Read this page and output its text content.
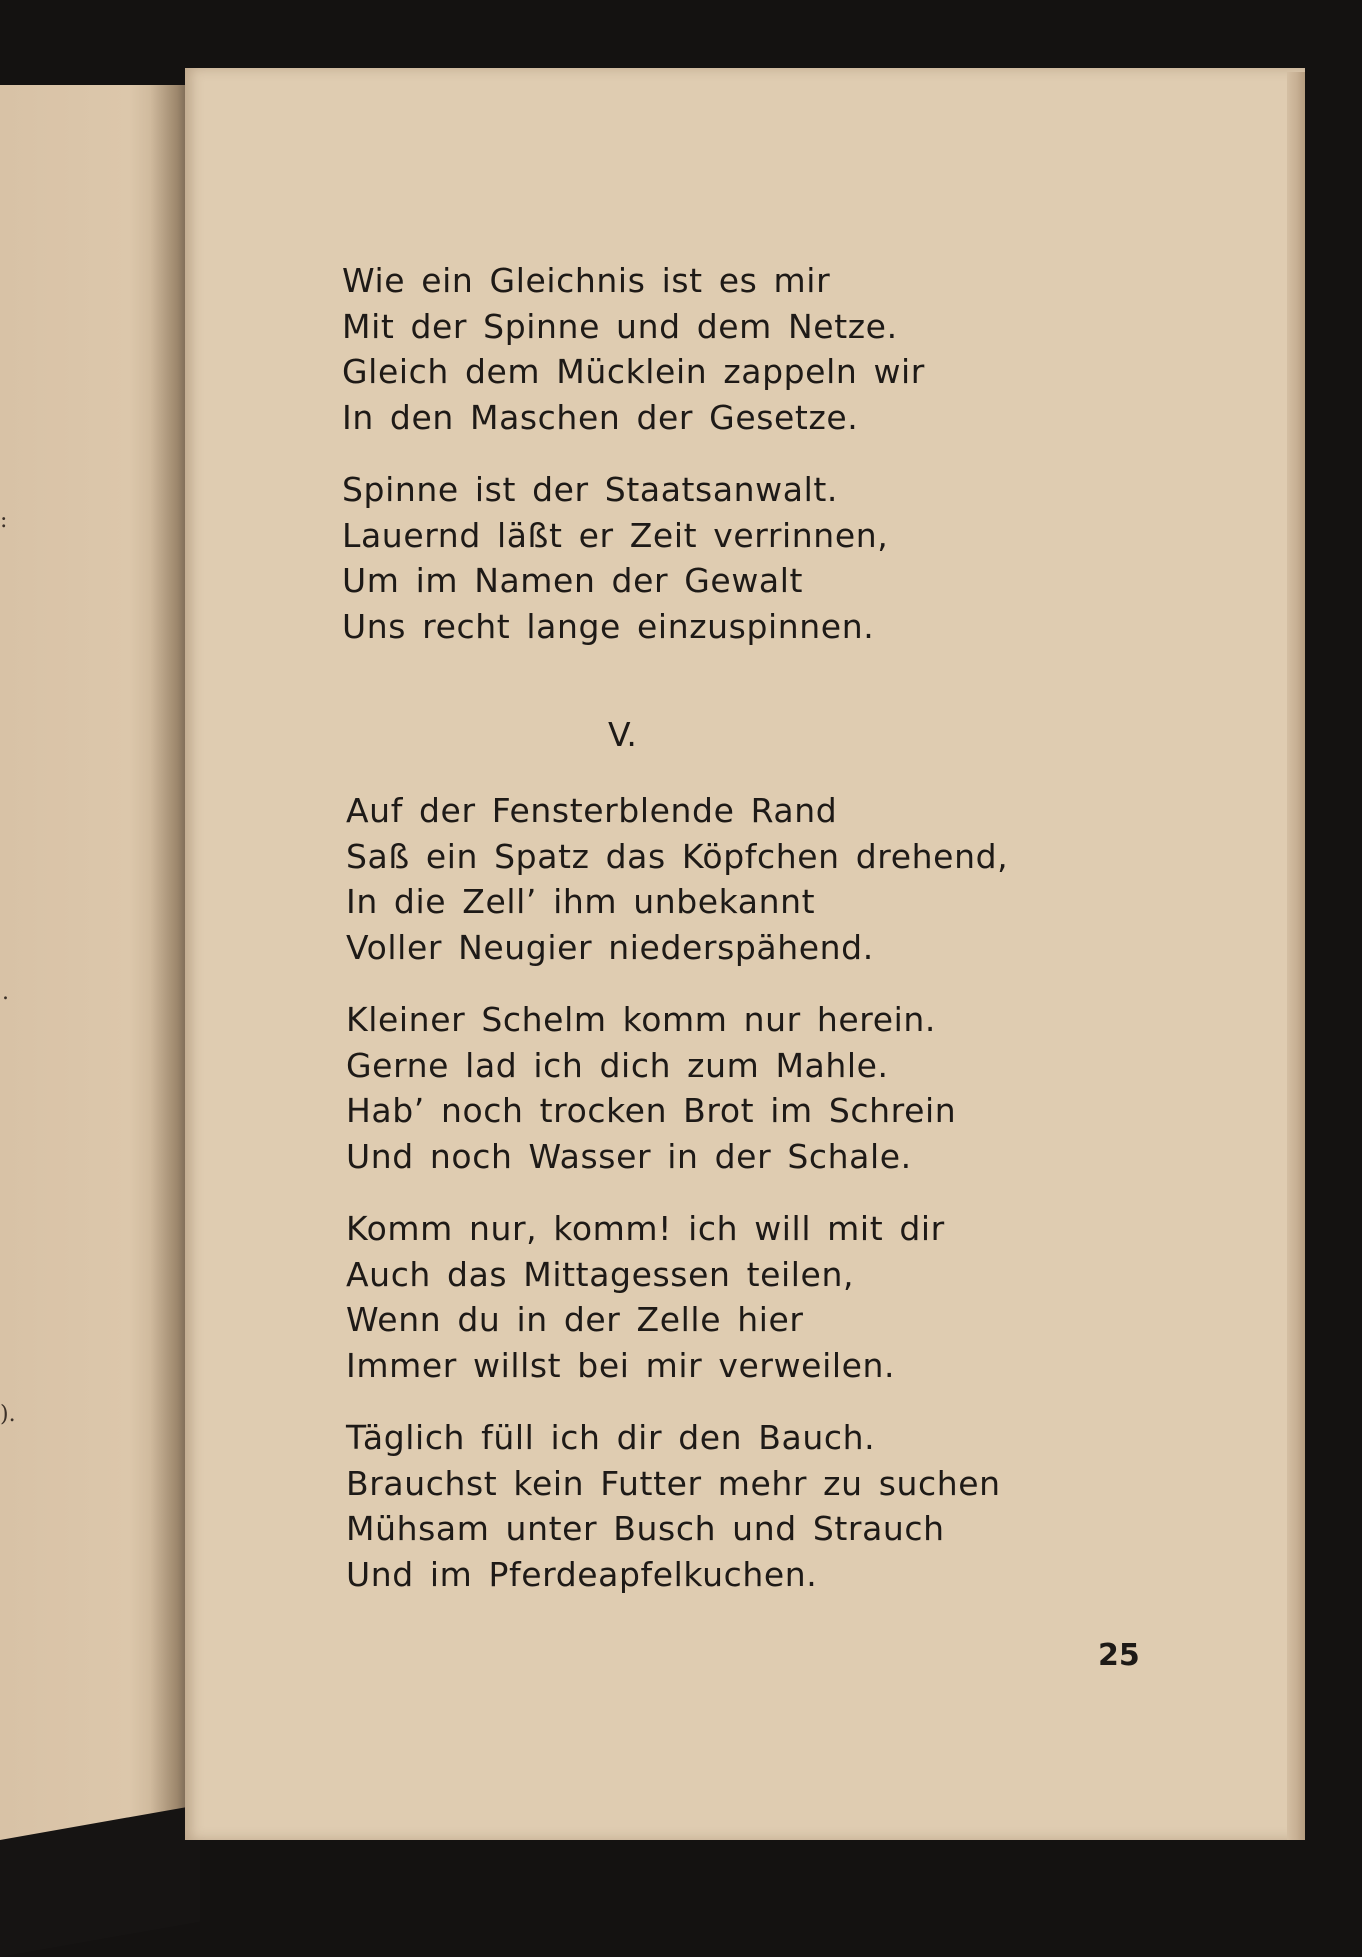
:
.
).
Wie ein Gleichnis ist es mir
Mit der Spinne und dem Netze.
Gleich dem Mücklein zappeln wir
In den Maschen der Gesetze.
Spinne ist der Staatsanwalt.
Lauernd läßt er Zeit verrinnen,
Um im Namen der Gewalt
Uns recht lange einzuspinnen.
V.
Auf der Fensterblende Rand
Saß ein Spatz das Köpfchen drehend,
In die Zell’ ihm unbekannt
Voller Neugier niederspähend.
Kleiner Schelm komm nur herein.
Gerne lad ich dich zum Mahle.
Hab’ noch trocken Brot im Schrein
Und noch Wasser in der Schale.
Komm nur, komm! ich will mit dir
Auch das Mittagessen teilen,
Wenn du in der Zelle hier
Immer willst bei mir verweilen.
Täglich füll ich dir den Bauch.
Brauchst kein Futter mehr zu suchen
Mühsam unter Busch und Strauch
Und im Pferdeapfelkuchen.
25
